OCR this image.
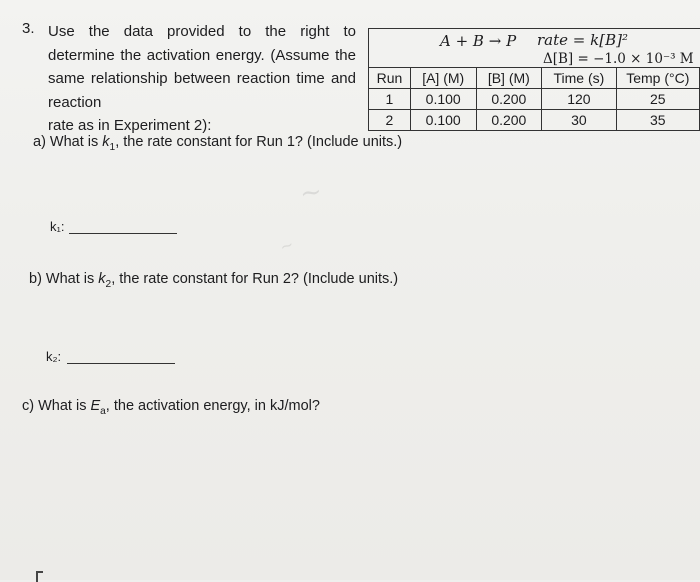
3. Use the data provided to the right to determine the activation energy. (Assume the same relationship between reaction time and reaction
rate as in Experiment 2):
A + B → P rate = k[B]²
Δ[B] = −1.0 × 10⁻³ M
Run	[A] (M)	[B] (M)	Time (s)	Temp (°C)
1	0.100	0.200	120	25
2	0.100	0.200	30	35
a) What is $k_1$, the rate constant for Run 1? (Include units.)
~
k₁:
~
b) What is $k_2$, the rate constant for Run 2? (Include units.)
k₂:
c) What is $E_a$, the activation energy, in kJ/mol?
